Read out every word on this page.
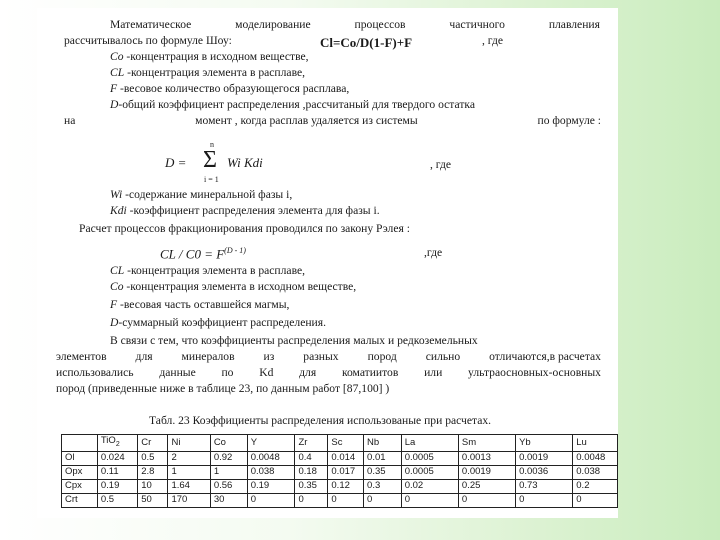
Математическое	моделирование	процессов	частичного	плавления
рассчитывалось по формуле Шоу:	Cl=Co/D(1-F)+F	, где
Co -концентрация в исходном веществе,
CL -концентрация элемента в расплаве,
F -весовое количество образующегося расплава,
D-общий коэффициент распределения ,рассчитаный для твердого остатка
на	момент , когда расплав удаляется из системы	по формуле :
D =
n
Σ
i = 1
Wi Kdi	, где
Wi -содержание минеральной фазы i,
Kdi -коэффициент распределения элемента для фазы i.
Расчет процессов фракционирования проводился по закону Рэлея :
CL / $C0 = F^{(D - 1)}$	,где
CL -концентрация элемента в расплаве,
Co -концентрация элемента в исходном веществе,
F -весовая часть оставшейся магмы,
D-суммарный коэффициент распределения.
В связи с тем, что коэффициенты распределения малых и редкоземельных
элементов для минералов из разных пород сильно отличаются,в расчетах
использовались данные по Kd для коматиитов или ультраосновных-основных
пород (приведенные ниже в таблице 23, по данным работ [87,100] )
Табл. 23 Коэффициенты распределения использованые при расчетах.
	TiO$_2$	Cr	Ni	Co	Y	Zr	Sc	Nb	La	Sm	Yb	Lu
Ol	0.024	0.5	2	0.92	0.0048	0.4	0.014	0.01	0.0005	0.0013	0.0019	0.0048
Opx	0.11	2.8	1	1	0.038	0.18	0.017	0.35	0.0005	0.0019	0.0036	0.038
Cpx	0.19	10	1.64	0.56	0.19	0.35	0.12	0.3	0.02	0.25	0.73	0.2
Crt	0.5	50	170	30	0	0	0	0	0	0	0	0
